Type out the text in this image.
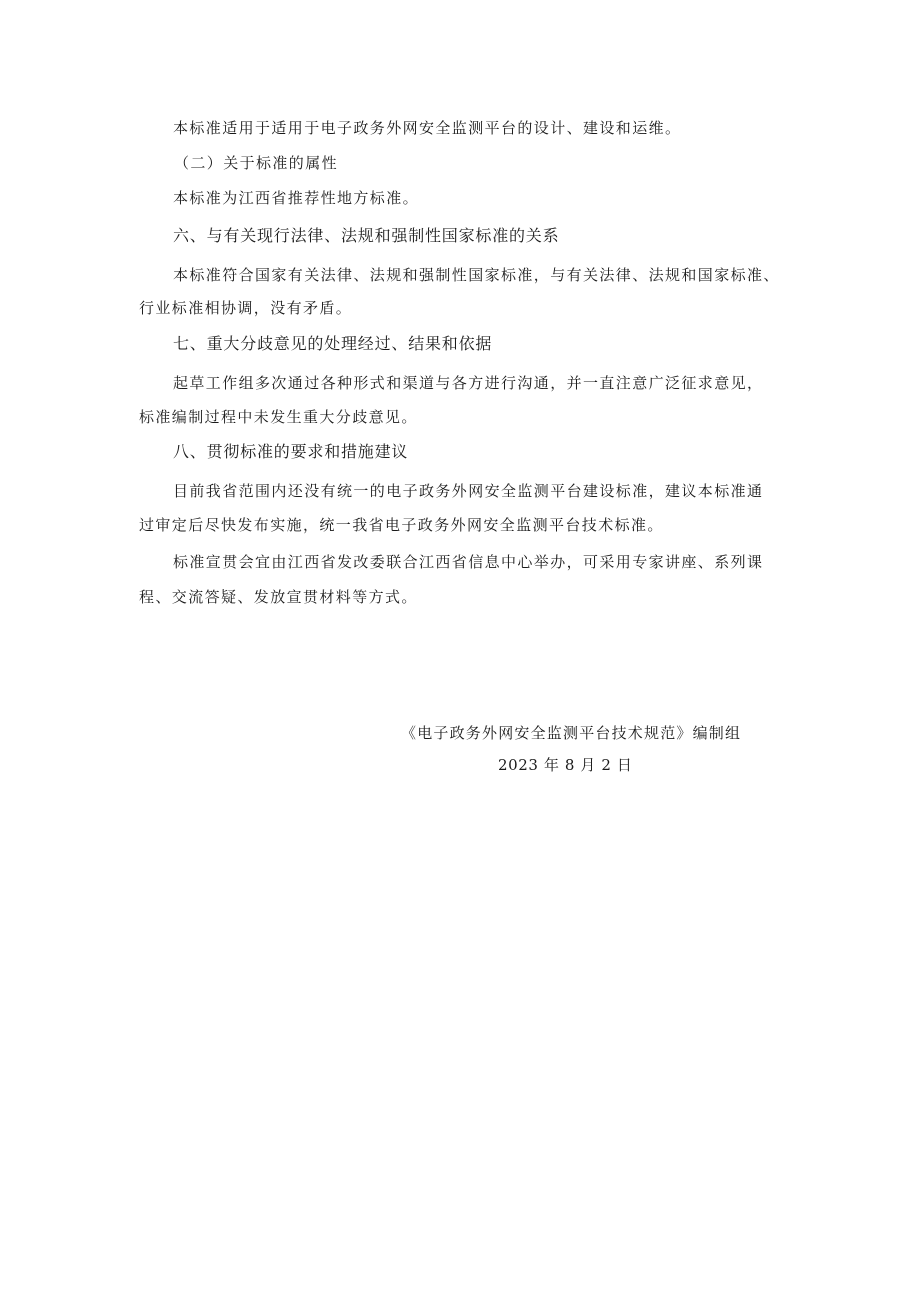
本标准适用于适用于电子政务外网安全监测平台的设计、建设和运维。
（二）关于标准的属性
本标准为江西省推荐性地方标准。
六、与有关现行法律、法规和强制性国家标准的关系
本标准符合国家有关法律、法规和强制性国家标准，与有关法律、法规和国家标准、
行业标准相协调，没有矛盾。
七、重大分歧意见的处理经过、结果和依据
起草工作组多次通过各种形式和渠道与各方进行沟通，并一直注意广泛征求意见，
标准编制过程中未发生重大分歧意见。
八、贯彻标准的要求和措施建议
目前我省范围内还没有统一的电子政务外网安全监测平台建设标准，建议本标准通
过审定后尽快发布实施，统一我省电子政务外网安全监测平台技术标准。
标准宣贯会宜由江西省发改委联合江西省信息中心举办，可采用专家讲座、系列课
程、交流答疑、发放宣贯材料等方式。
《电子政务外网安全监测平台技术规范》编制组
2023 年 8 月 2 日
